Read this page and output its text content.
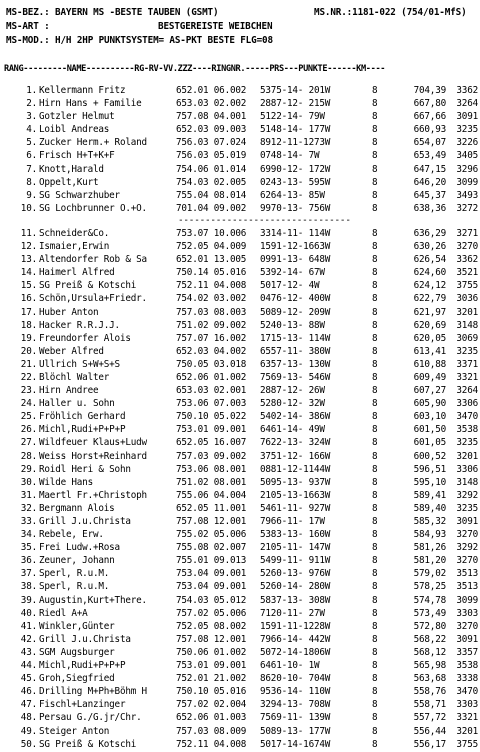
MS-BEZ.: BAYERN MS -BESTE TAUBEN (GSMT)	MS.NR.:1181-022 (754/01-MfS)
MS-ART :	BESTGEREISTE WEIBCHEN
MS-MOD.: H/H 2HP PUNKTSYSTEM= AS-PKT BESTE FLG=08
RANG---------NAME----------RG-RV-VV.ZZZ----RINGNR.-----PRS---PUNKTE------KM----
1. Kellermann Fritz	652.01 06.002 5375-14- 201W	8	704,39	3362
2. Hirn Hans + Familie	653.03 02.002 2887-12- 215W	8	667,80	3264
3. Gotzler Helmut	757.08 04.001 5122-14- 79W	8	667,66	3091
4. Loibl Andreas	652.03 09.003 5148-14- 177W	8	660,93	3235
5. Zucker Herm.+ Roland	756.03 07.024 8912-11-1273W	8	654,07	3226
6. Frisch H+T+K+F	756.03 05.019 0748-14- 7W	8	653,49	3405
7. Knott,Harald	754.06 01.014 6990-12- 172W	8	647,15	3296
8. Oppelt,Kurt	754.03 02.005 0243-13- 595W	8	646,20	3099
9. SG Schwarzhuber	755.04 08.014 6264-13- 85W	8	645,37	3493
10. SG Lochbrunner O.+O.	701.04 09.002 9970-13- 756W	8	638,36	3272
--------------------------------
11. Schneider&Co.	753.07 10.006 3314-11- 114W	8	636,29	3271
12. Ismaier,Erwin	752.05 04.009 1591-12-1663W	8	630,26	3270
13. Altendorfer Rob & Sa	652.01 13.005 0991-13- 648W	8	626,54	3362
14. Haimerl Alfred	750.14 05.016 5392-14- 67W	8	624,60	3521
15. SG Preiß & Kotschi	752.11 04.008 5017-12- 4W	8	624,12	3755
16. Schön,Ursula+Friedr.	754.02 03.002 0476-12- 400W	8	622,79	3036
17. Huber Anton	757.03 08.003 5089-12- 209W	8	621,97	3201
18. Hacker R.R.J.J.	751.02 09.002 5240-13- 88W	8	620,69	3148
19. Freundorfer Alois	757.07 16.002 1715-13- 114W	8	620,05	3069
20. Weber Alfred	652.03 04.002 6557-11- 380W	8	613,41	3235
21. Ullrich S+W+S+S	750.05 03.018 6357-13- 130W	8	610,88	3371
22. Blöchl Walter	652.06 01.002 7569-13- 546W	8	609,49	3321
23. Hirn Andree	653.03 02.001 2887-12- 26W	8	607,27	3264
24. Haller u. Sohn	753.06 07.003 5280-12- 32W	8	605,90	3306
25. Fröhlich Gerhard	750.10 05.022 5402-14- 386W	8	603,10	3470
26. Michl,Rudi+P+P+P	753.01 09.001 6461-14- 49W	8	601,50	3538
27. Wildfeuer Klaus+Ludw	652.05 16.007 7622-13- 324W	8	601,05	3235
28. Weiss Horst+Reinhard	757.03 09.002 3751-12- 166W	8	600,52	3201
29. Roidl Heri & Sohn	753.06 08.001 0881-12-1144W	8	596,51	3306
30. Wilde Hans	751.02 08.001 5095-13- 937W	8	595,10	3148
31. Maertl Fr.+Christoph	755.06 04.004 2105-13-1663W	8	589,41	3292
32. Bergmann Alois	652.05 11.001 5461-11- 927W	8	589,40	3235
33. Grill J.u.Christa	757.08 12.001 7966-11- 17W	8	585,32	3091
34. Rebele, Erw.	755.02 05.006 5383-13- 160W	8	584,93	3270
35. Frei Ludw.+Rosa	755.08 02.007 2105-11- 147W	8	581,26	3292
36. Zeuner, Johann	755.01 09.013 5499-11- 911W	8	581,20	3270
37. Sperl, R.u.M.	753.04 09.001 5260-13- 976W	8	579,02	3513
38. Sperl, R.u.M.	753.04 09.001 5260-14- 280W	8	578,25	3513
39. Augustin,Kurt+There.	754.03 05.012 5837-13- 308W	8	574,78	3099
40. Riedl A+A	757.02 05.006 7120-11- 27W	8	573,49	3303
41. Winkler,Günter	752.05 08.002 1591-11-1228W	8	572,80	3270
42. Grill J.u.Christa	757.08 12.001 7966-14- 442W	8	568,22	3091
43. SGM Augsburger	750.06 01.002 5072-14-1806W	8	568,12	3357
44. Michl,Rudi+P+P+P	753.01 09.001 6461-10- 1W	8	565,98	3538
45. Groh,Siegfried	752.01 21.002 8620-10- 704W	8	563,68	3338
46. Drilling M+Ph+Böhm H	750.10 05.016 9536-14- 110W	8	558,76	3470
47. Fischl+Lanzinger	757.02 02.004 3294-13- 708W	8	558,71	3303
48. Persau G./G.jr/Chr.	652.06 01.003 7569-11- 139W	8	557,72	3321
49. Steiger Anton	757.03 08.009 5089-13- 177W	8	556,44	3201
50. SG Preiß & Kotschi	752.11 04.008 5017-14-1674W	8	556,17	3755
